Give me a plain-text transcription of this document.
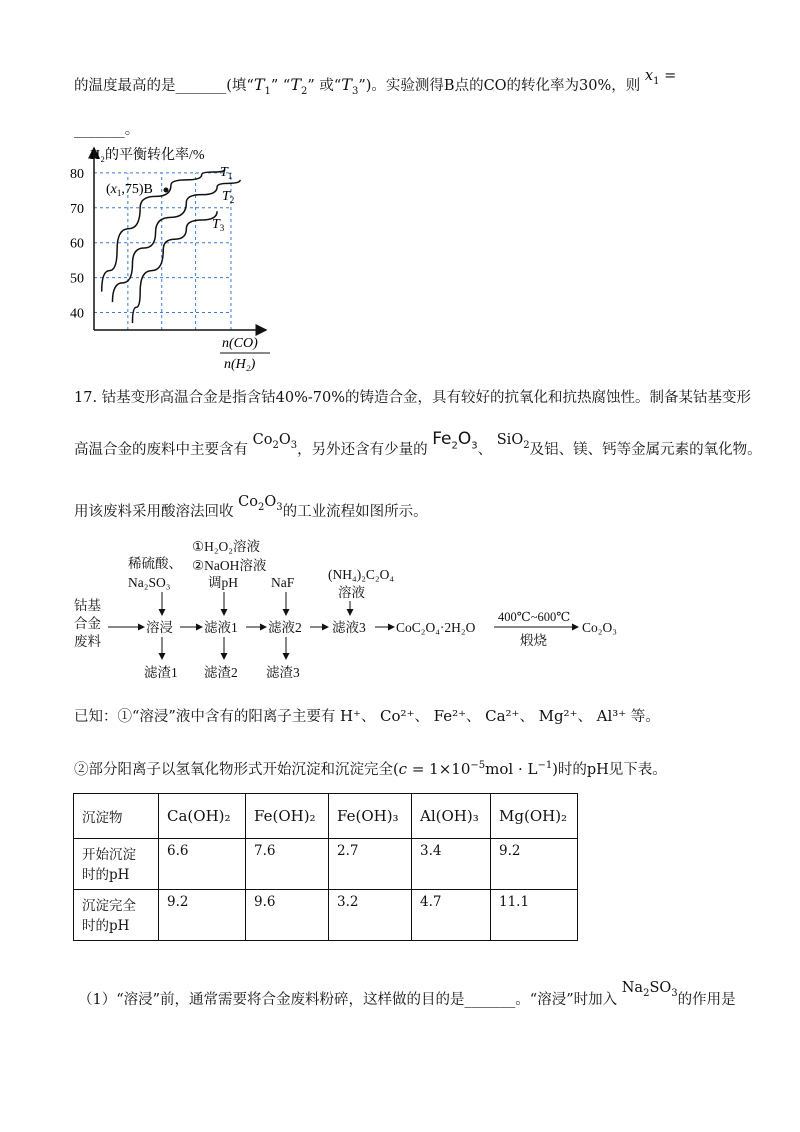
的温度最高的是_______(填“$T_1$” “$T_2$” 或“$T_3$”)。实验测得B点的CO的转化率为30%，则 $x_1$ =
_______。
H₂的平衡转化率/%
40
50
60
70
80
$(x_1,75)B$
$T_1$
$T_2$
$T_3$
n(CO)
n(H₂)
17. 钴基变形高温合金是指含钴40%-70%的铸造合金，具有较好的抗氧化和抗热腐蚀性。制备某钴基变形
高温合金的废料中主要含有 $Co_2O_3$，另外还含有少量的 $Fe_2O_3$、 SiO$_2$及铝、镁、钙等金属元素的氧化物。
用该废料采用酸溶法回收 $Co_2O_3$的工业流程如图所示。
钴基
合金
废料
稀硫酸、
Na₂SO₃
溶浸
滤渣1
①H₂O₂溶液
②NaOH溶液
调pH
滤液1
滤渣2
NaF
滤液2
滤渣3
(NH₄)₂C₂O₄
溶液
滤液3 CoC₂O₄·2H₂O
400℃~600℃
煅烧
Co₂O₃
已知：①“溶浸”液中含有的阳离子主要有 H⁺、 Co²⁺、 Fe²⁺、 Ca²⁺、 Mg²⁺、 Al³⁺ 等。
②部分阳离子以氢氧化物形式开始沉淀和沉淀完全$(c = 1\times 10^{-5}mol \cdot L^{-1})$时的pH见下表。
沉淀物	Ca(OH)₂	Fe(OH)₂	Fe(OH)₃	Al(OH)₃	Mg(OH)₂
开始沉淀
时的pH	6.6	7.6	2.7	3.4	9.2
沉淀完全
时的pH	9.2	9.6	3.2	4.7	11.1
（1）“溶浸”前，通常需要将合金废料粉碎，这样做的目的是_______。“溶浸”时加入 $Na_2SO_3$的作用是
